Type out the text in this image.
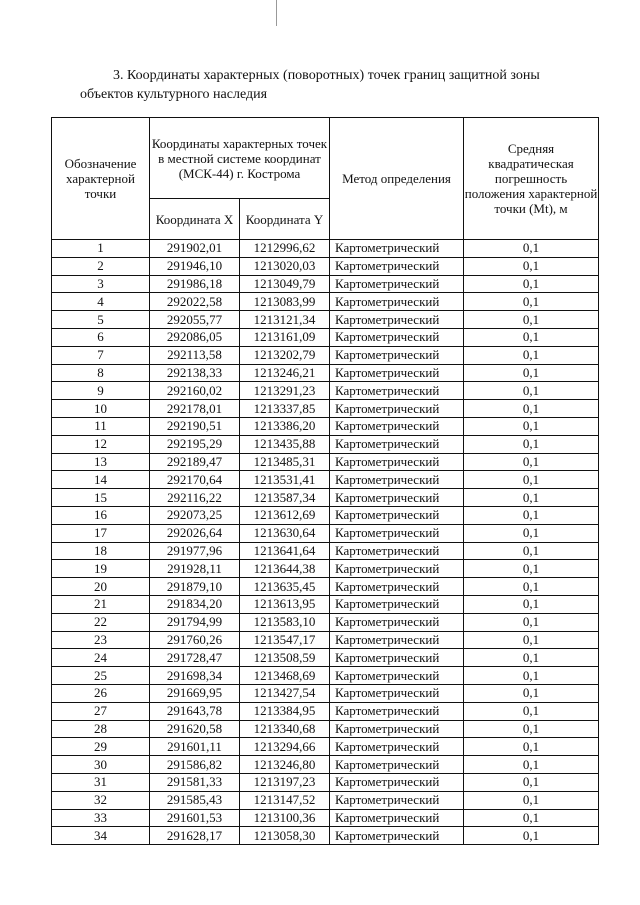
3. Координаты характерных (поворотных) точек границ защитной зоны
объектов культурного наследия
Обозначение характерной точки	Координаты характерных точек в местной системе координат (МСК-44) г. Кострома		Метод определения	Средняя квадратическая погрешность положения характерной точки (Mt), м
	Координата X	Координата Y		
1	291902,01	1212996,62	Картометрический	0,1
2	291946,10	1213020,03	Картометрический	0,1
3	291986,18	1213049,79	Картометрический	0,1
4	292022,58	1213083,99	Картометрический	0,1
5	292055,77	1213121,34	Картометрический	0,1
6	292086,05	1213161,09	Картометрический	0,1
7	292113,58	1213202,79	Картометрический	0,1
8	292138,33	1213246,21	Картометрический	0,1
9	292160,02	1213291,23	Картометрический	0,1
10	292178,01	1213337,85	Картометрический	0,1
11	292190,51	1213386,20	Картометрический	0,1
12	292195,29	1213435,88	Картометрический	0,1
13	292189,47	1213485,31	Картометрический	0,1
14	292170,64	1213531,41	Картометрический	0,1
15	292116,22	1213587,34	Картометрический	0,1
16	292073,25	1213612,69	Картометрический	0,1
17	292026,64	1213630,64	Картометрический	0,1
18	291977,96	1213641,64	Картометрический	0,1
19	291928,11	1213644,38	Картометрический	0,1
20	291879,10	1213635,45	Картометрический	0,1
21	291834,20	1213613,95	Картометрический	0,1
22	291794,99	1213583,10	Картометрический	0,1
23	291760,26	1213547,17	Картометрический	0,1
24	291728,47	1213508,59	Картометрический	0,1
25	291698,34	1213468,69	Картометрический	0,1
26	291669,95	1213427,54	Картометрический	0,1
27	291643,78	1213384,95	Картометрический	0,1
28	291620,58	1213340,68	Картометрический	0,1
29	291601,11	1213294,66	Картометрический	0,1
30	291586,82	1213246,80	Картометрический	0,1
31	291581,33	1213197,23	Картометрический	0,1
32	291585,43	1213147,52	Картометрический	0,1
33	291601,53	1213100,36	Картометрический	0,1
34	291628,17	1213058,30	Картометрический	0,1
